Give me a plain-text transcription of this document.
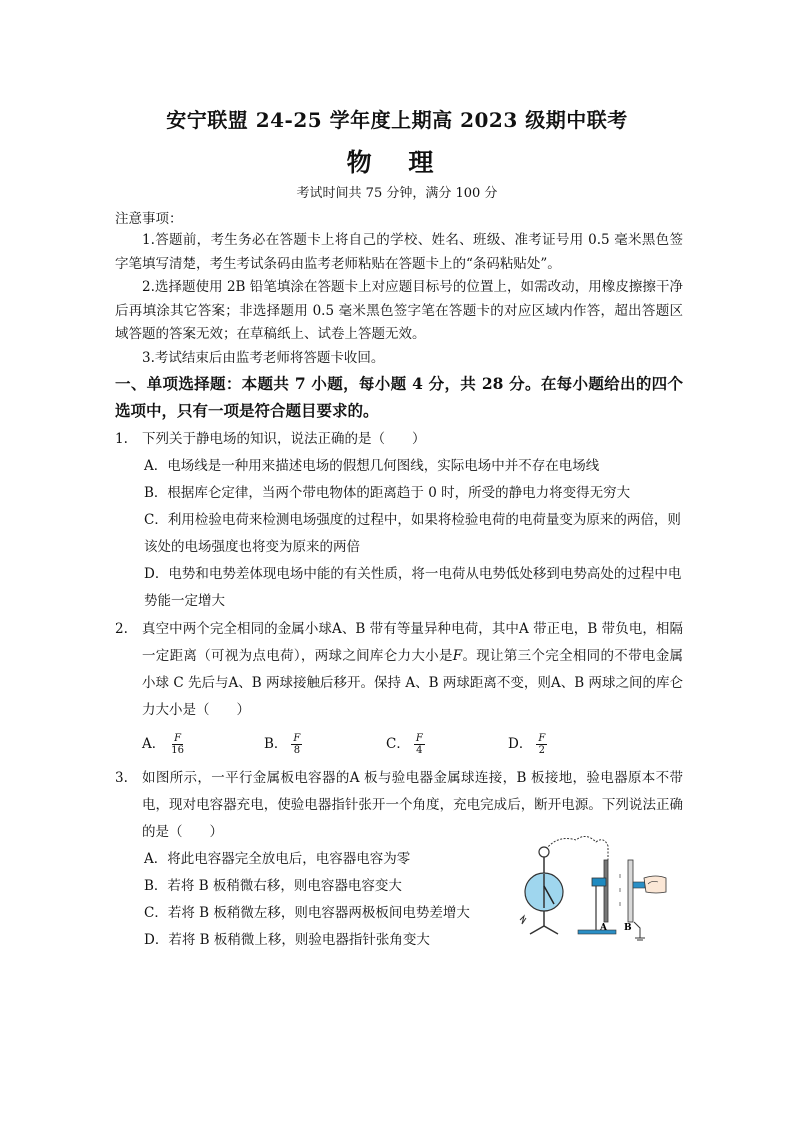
安宁联盟 24-25 学年度上期高 2023 级期中联考
物 理
考试时间共 75 分钟，满分 100 分
注意事项：

1.答题前，考生务必在答题卡上将自己的学校、姓名、班级、准考证号用 0.5 毫米黑色签字笔填写清楚，考生考试条码由监考老师粘贴在答题卡上的“条码粘贴处”。

2.选择题使用 2B 铅笔填涂在答题卡上对应题目标号的位置上，如需改动，用橡皮擦擦干净后再填涂其它答案；非选择题用 0.5 毫米黑色签字笔在答题卡的对应区域内作答，超出答题区域答题的答案无效；在草稿纸上、试卷上答题无效。

3.考试结束后由监考老师将答题卡收回。

一、单项选择题：本题共 7 小题，每小题 4 分，共 28 分。在每小题给出的四个选项中，只有一项是符合题目要求的。
1.	下列关于静电场的知识，说法正确的是（　　）
A．电场线是一种用来描述电场的假想几何图线，实际电场中并不存在电场线
B．根据库仑定律，当两个带电物体的距离趋于 0 时，所受的静电力将变得无穷大
C．利用检验电荷来检测电场强度的过程中，如果将检验电荷的电荷量变为原来的两倍，则该处的电场强度也将变为原来的两倍
D．电势和电势差体现电场中能的有关性质，将一电荷从电势低处移到电势高处的过程中电势能一定增大
2.	真空中两个完全相同的金属小球A、B 带有等量异种电荷，其中A 带正电，B 带负电，相隔一定距离（可视为点电荷），两球之间库仑力大小是F。现让第三个完全相同的不带电金属小球 C 先后与A、B 两球接触后移开。保持 A、B 两球距离不变，则A、B 两球之间的库仑力大小是（　　）
A． $\frac{F}{16}$	B． $\frac{F}{8}$	C． $\frac{F}{4}$	D． $\frac{F}{2}$
3.	如图所示，一平行金属板电容器的A 板与验电器金属球连接，B 板接地，验电器原本不带电，现对电容器充电，使验电器指针张开一个角度，充电完成后，断开电源。下列说法正确的是（　　）
A．将此电容器完全放电后，电容器电容为零
B．若将 B 板稍微右移，则电容器电容变大
C．若将 B 板稍微左移，则电容器两极板间电势差增大
D．若将 B 板稍微上移，则验电器指针张角变大
A B
